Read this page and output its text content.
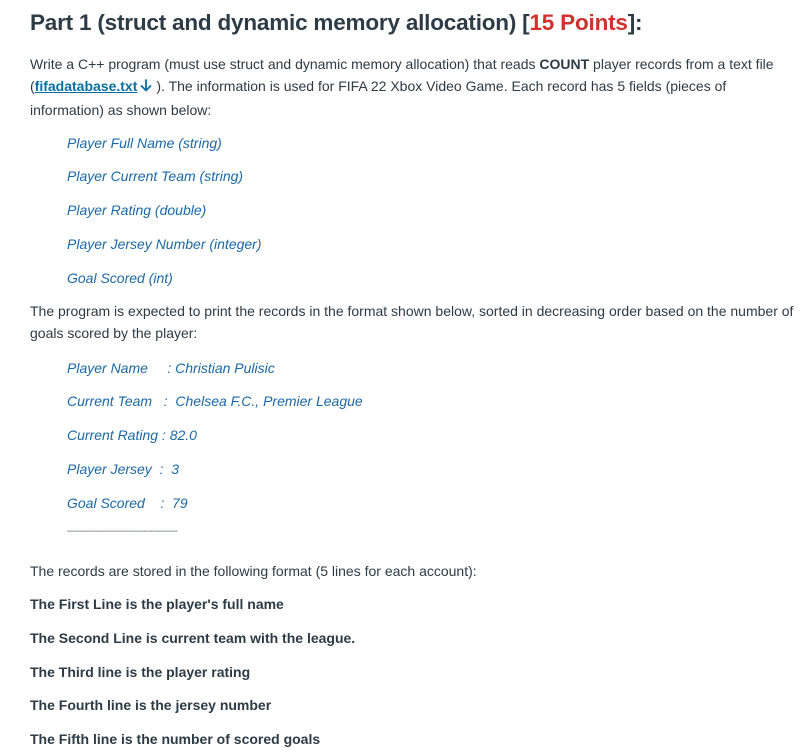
Part 1 (struct and dynamic memory allocation) [15 Points]:

Write a C++ program (must use struct and dynamic memory allocation) that reads COUNT player records from a text file (fifadatabase.txt ). The information is used for FIFA 22 Xbox Video Game. Each record has 5 fields (pieces of information) as shown below:

Player Full Name (string)

Player Current Team (string)

Player Rating (double)

Player Jersey Number (integer)

Goal Scored (int)

The program is expected to print the records in the format shown below, sorted in decreasing order based on the number of goals scored by the player:

Player Name     : Christian Pulisic

Current Team   :  Chelsea F.C., Premier League

Current Rating : 82.0

Player Jersey  :  3

Goal Scored    :  79

---------------------------------------

The records are stored in the following format (5 lines for each account):

The First Line is the player's full name

The Second Line is current team with the league.

The Third line is the player rating

The Fourth line is the jersey number

The Fifth line is the number of scored goals
